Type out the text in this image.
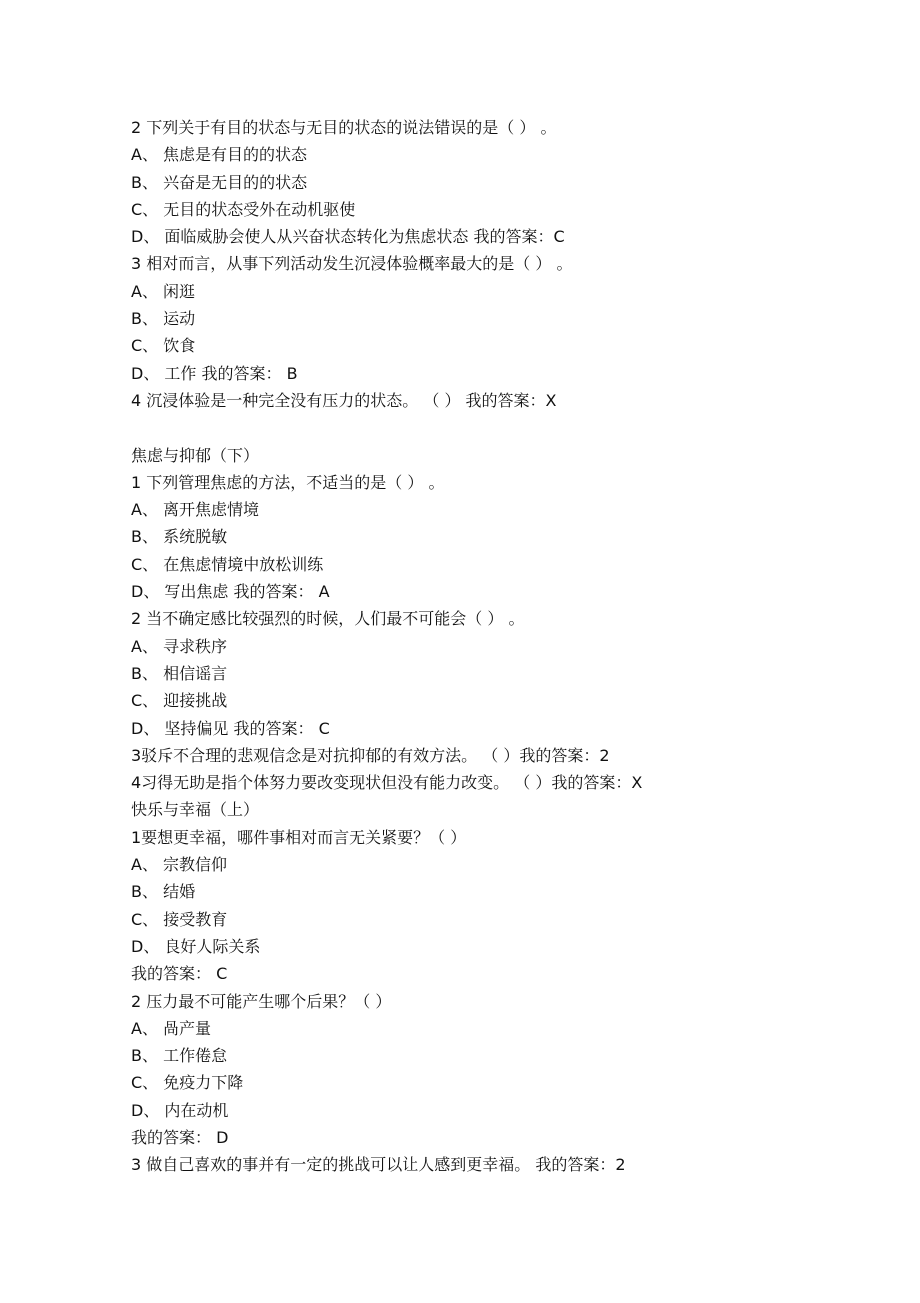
2 下列关于有目的状态与无目的状态的说法错误的是（ ） 。
A、 焦虑是有目的的状态
B、 兴奋是无目的的状态
C、 无目的状态受外在动机驱使
D、 面临威胁会使人从兴奋状态转化为焦虑状态 我的答案：C
3 相对而言，从事下列活动发生沉浸体验概率最大的是（ ） 。
A、 闲逛
B、 运动
C、 饮食
D、 工作 我的答案： B
4 沉浸体验是一种完全没有压力的状态。 （ ） 我的答案：X
焦虑与抑郁（下）
1 下列管理焦虑的方法，不适当的是（ ） 。
A、 离开焦虑情境
B、 系统脱敏
C、 在焦虑情境中放松训练
D、 写出焦虑 我的答案： A
2 当不确定感比较强烈的时候，人们最不可能会（ ） 。
A、 寻求秩序
B、 相信谣言
C、 迎接挑战
D、 坚持偏见 我的答案： C
3驳斥不合理的悲观信念是对抗抑郁的有效方法。 （ ）我的答案：2
4习得无助是指个体努力要改变现状但没有能力改变。 （ ）我的答案：X
快乐与幸福（上）
1要想更幸福，哪件事相对而言无关紧要？（ ）
A、 宗教信仰
B、 结婚
C、 接受教育
D、 良好人际关系
我的答案： C
2 压力最不可能产生哪个后果？（ ）
A、 咼产量
B、 工作倦怠
C、 免疫力下降
D、 内在动机
我的答案： D
3 做自己喜欢的事并有一定的挑战可以让人感到更幸福。 我的答案：2
